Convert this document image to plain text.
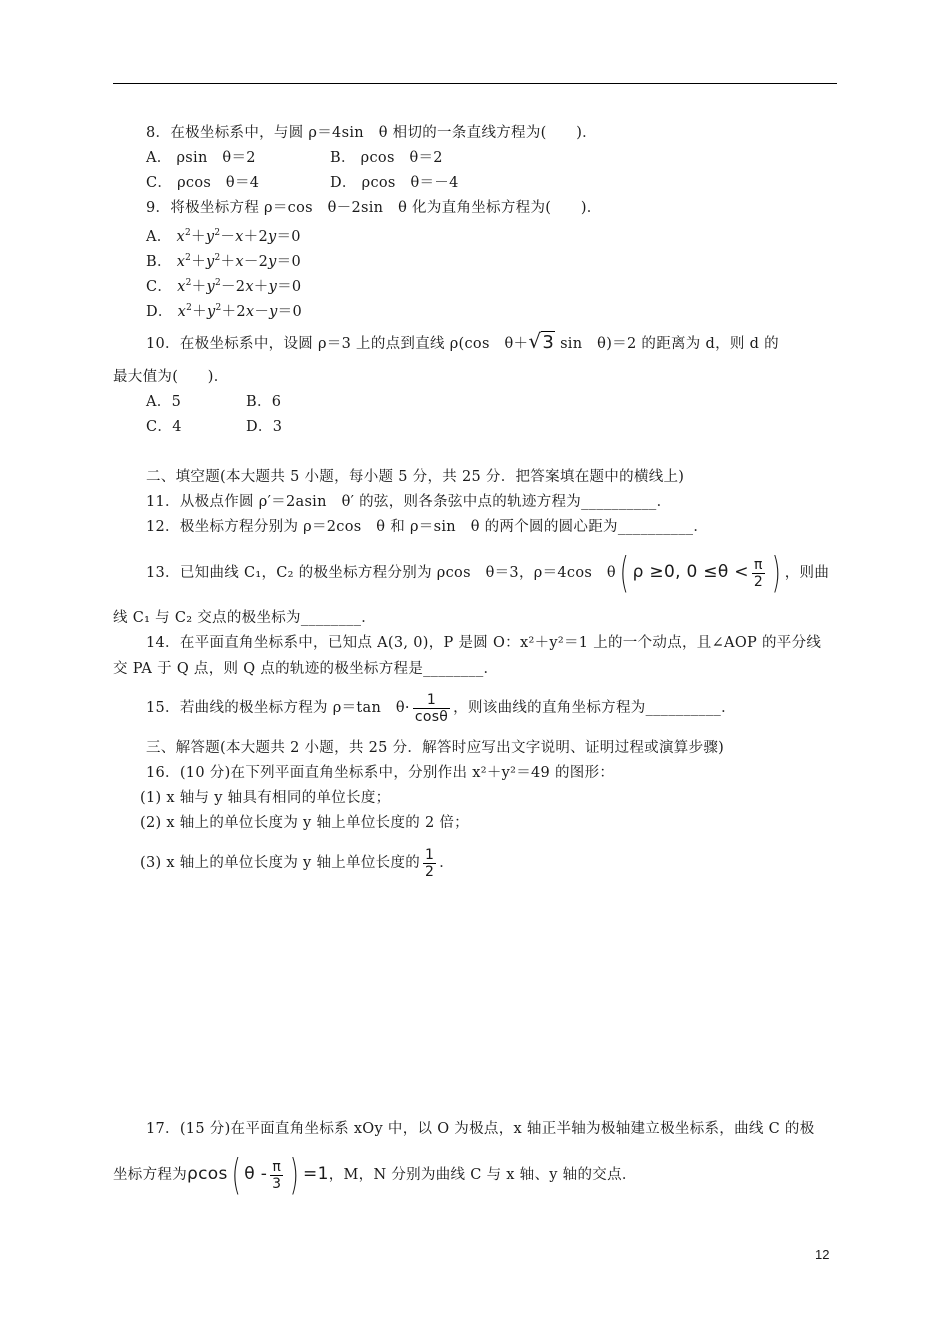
8．在极坐标系中，与圆 ρ＝4sin　θ 相切的一条直线方程为(　　)．
A． ρsin　θ＝2	B． ρcos　θ＝2
C． ρcos　θ＝4	D． ρcos　θ＝－4
9．将极坐标方程 ρ＝cos　θ－2sin　θ 化为直角坐标方程为(　　)．
A． $x^2+y^2-x+2y=0$
B． $x^2+y^2+x-2y=0$
C． $x^2+y^2-2x+y=0$
D． $x^2+y^2+2x-y=0$
10．在极坐标系中，设圆 ρ＝3 上的点到直线 ρ(cos　θ＋√3 sin　θ)＝2 的距离为 d，则 d 的
最大值为(　　)．
A．5	B．6
C．4	D．3
二、填空题(本大题共 5 小题，每小题 5 分，共 25 分．把答案填在题中的横线上)
11．从极点作圆 ρ′＝2asin　θ′ 的弦，则各条弦中点的轨迹方程为__________．
12．极坐标方程分别为 ρ＝2cos　θ 和 ρ＝sin　θ 的两个圆的圆心距为__________．
13．已知曲线 C₁，C₂ 的极坐标方程分别为 ρcos　θ＝3，ρ＝4cos　θ( ρ ≥0, $0 \le\theta < \frac{\pi}{2}$ ) ，则曲
线 C₁ 与 C₂ 交点的极坐标为________．
14．在平面直角坐标系中，已知点 A(3, 0)，P 是圆 O：x²＋y²＝1 上的一个动点，且∠AOP 的平分线
交 PA 于 Q 点，则 Q 点的轨迹的极坐标方程是________．
15．若曲线的极坐标方程为 ρ＝tan　$\theta\cdot \frac{1}{\cos\theta}$ ，则该曲线的直角坐标方程为__________．
三、解答题(本大题共 2 小题，共 25 分．解答时应写出文字说明、证明过程或演算步骤)
16．(10 分)在下列平面直角坐标系中，分别作出 x²＋y²＝49 的图形：
(1) x 轴与 y 轴具有相同的单位长度；
(2) x 轴上的单位长度为 y 轴上单位长度的 2 倍；
(3) x 轴上的单位长度为 y 轴上单位长度的 $\frac{1}{2}$ ．
17．(15 分)在平面直角坐标系 xOy 中，以 O 为极点，x 轴正半轴为极轴建立极坐标系，曲线 C 的极
坐标方程为ρcos( θ - $\frac{\pi}{3}$ ) =1，M，N 分别为曲线 C 与 x 轴、y 轴的交点．
12
